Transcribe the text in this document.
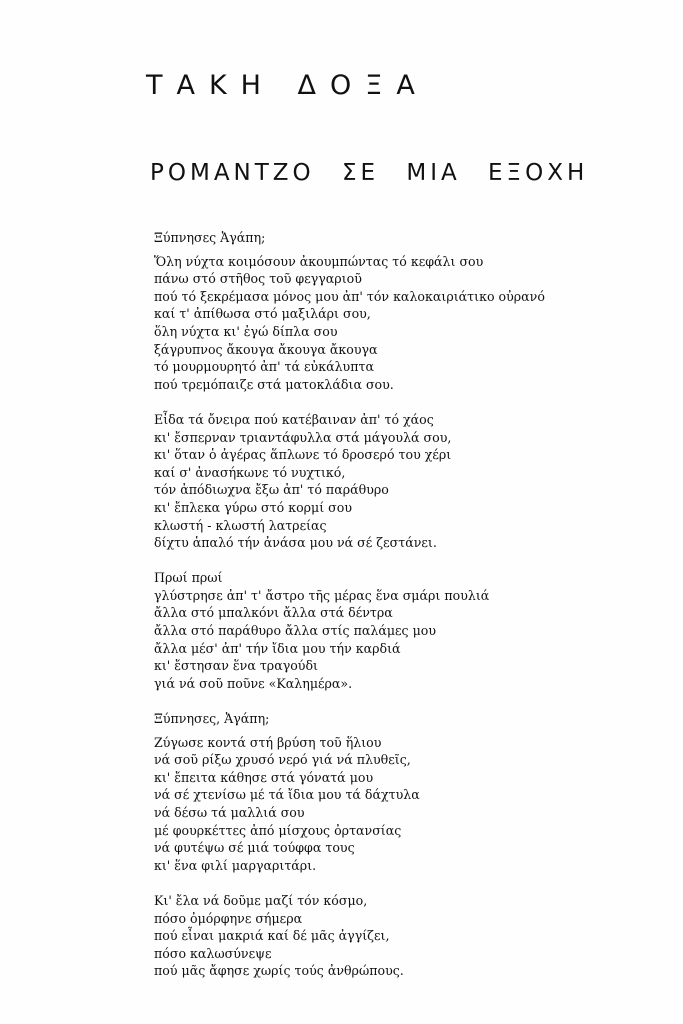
ΤΑΚΗ ΔΟΞΑ
ΡΟΜΑΝΤΖΟ ΣΕ ΜΙΑ ΕΞΟΧΗ
Ξύπνησες Ἀγάπη;
Ὅλη νύχτα κοιμόσουν ἀκουμπώντας τό κεφάλι σου
πάνω στό στῆθος τοῦ φεγγαριοῦ
πού τό ξεκρέμασα μόνος μου ἀπ' τόν καλοκαιριάτικο οὐρανό
καί τ' ἀπίθωσα στό μαξιλάρι σου,
ὅλη νύχτα κι' ἐγώ δίπλα σου
ξάγρυπνος ἄκουγα ἄκουγα ἄκουγα
τό μουρμουρητό ἀπ' τά εὐκάλυπτα
πού τρεμόπαιζε στά ματοκλάδια σου.
Εἶδα τά ὄνειρα πού κατέβαιναν ἀπ' τό χάος
κι' ἔσπερναν τριαντάφυλλα στά μάγουλά σου,
κι' ὅταν ὁ ἀγέρας ἅπλωνε τό δροσερό του χέρι
καί σ' ἀνασήκωνε τό νυχτικό,
τόν ἀπόδιωχνα ἔξω ἀπ' τό παράθυρο
κι' ἔπλεκα γύρω στό κορμί σου
κλωστή - κλωστή λατρείας
δίχτυ ἁπαλό τήν ἀνάσα μου νά σέ ζεστάνει.
Πρωί πρωί
γλύστρησε ἀπ' τ' ἄστρο τῆς μέρας ἕνα σμάρι πουλιά
ἄλλα στό μπαλκόνι ἄλλα στά δέντρα
ἄλλα στό παράθυρο ἄλλα στίς παλάμες μου
ἄλλα μέσ' ἀπ' τήν ἴδια μου τήν καρδιά
κι' ἔστησαν ἕνα τραγούδι
γιά νά σοῦ ποῦνε «Καλημέρα».
Ξύπνησες, Ἀγάπη;
Ζύγωσε κοντά στή βρύση τοῦ ἥλιου
νά σοῦ ρίξω χρυσό νερό γιά νά πλυθεῖς,
κι' ἔπειτα κάθησε στά γόνατά μου
νά σέ χτενίσω μέ τά ἴδια μου τά δάχτυλα
νά δέσω τά μαλλιά σου
μέ φουρκέττες ἀπό μίσχους ὀρτανσίας
νά φυτέψω σέ μιά τούφφα τους
κι' ἕνα φιλί μαργαριτάρι.
Κι' ἔλα νά δοῦμε μαζί τόν κόσμο,
πόσο ὀμόρφηνε σήμερα
πού εἶναι μακριά καί δέ μᾶς ἀγγίζει,
πόσο καλωσύνεψε
πού μᾶς ἄφησε χωρίς τούς ἀνθρώπους.
